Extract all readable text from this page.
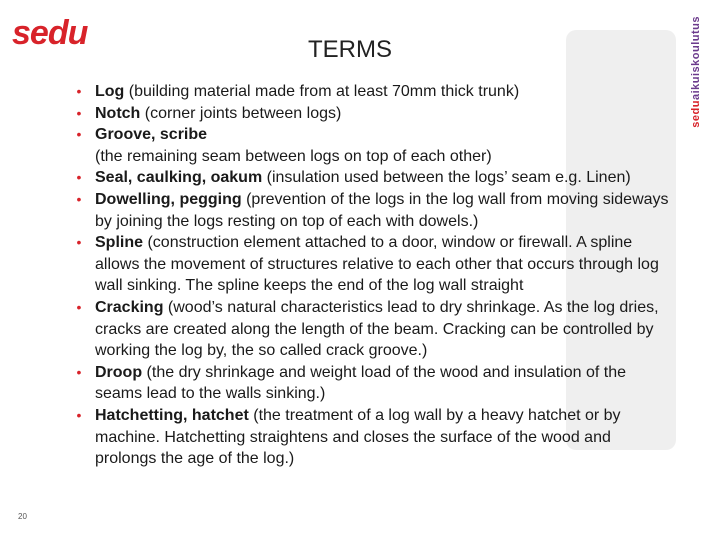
sedu
seduaikuiskoulutus
TERMS
• Log (building material made from at least 70mm thick trunk)
• Notch (corner joints between logs)
• Groove, scribe
(the remaining seam between logs on top of each other)
• Seal, caulking, oakum (insulation used between the logs’ seam e.g. Linen)
• Dowelling, pegging (prevention of the logs in the log wall from moving sideways by joining the logs resting on top of each with dowels.)
• Spline (construction element attached to a door, window or firewall. A spline allows the movement of structures relative to each other that occurs through log wall sinking. The spline keeps the end of the log wall straight
• Cracking (wood’s natural characteristics lead to dry shrinkage. As the log dries, cracks are created along the length of the beam. Cracking can be controlled by working the log by, the so called crack groove.)
• Droop (the dry shrinkage and weight load of the wood and insulation of the seams lead to the walls sinking.)
• Hatchetting, hatchet (the treatment of a log wall by a heavy hatchet or by machine. Hatchetting straightens and closes the surface of the wood and prolongs the age of the log.)
20
